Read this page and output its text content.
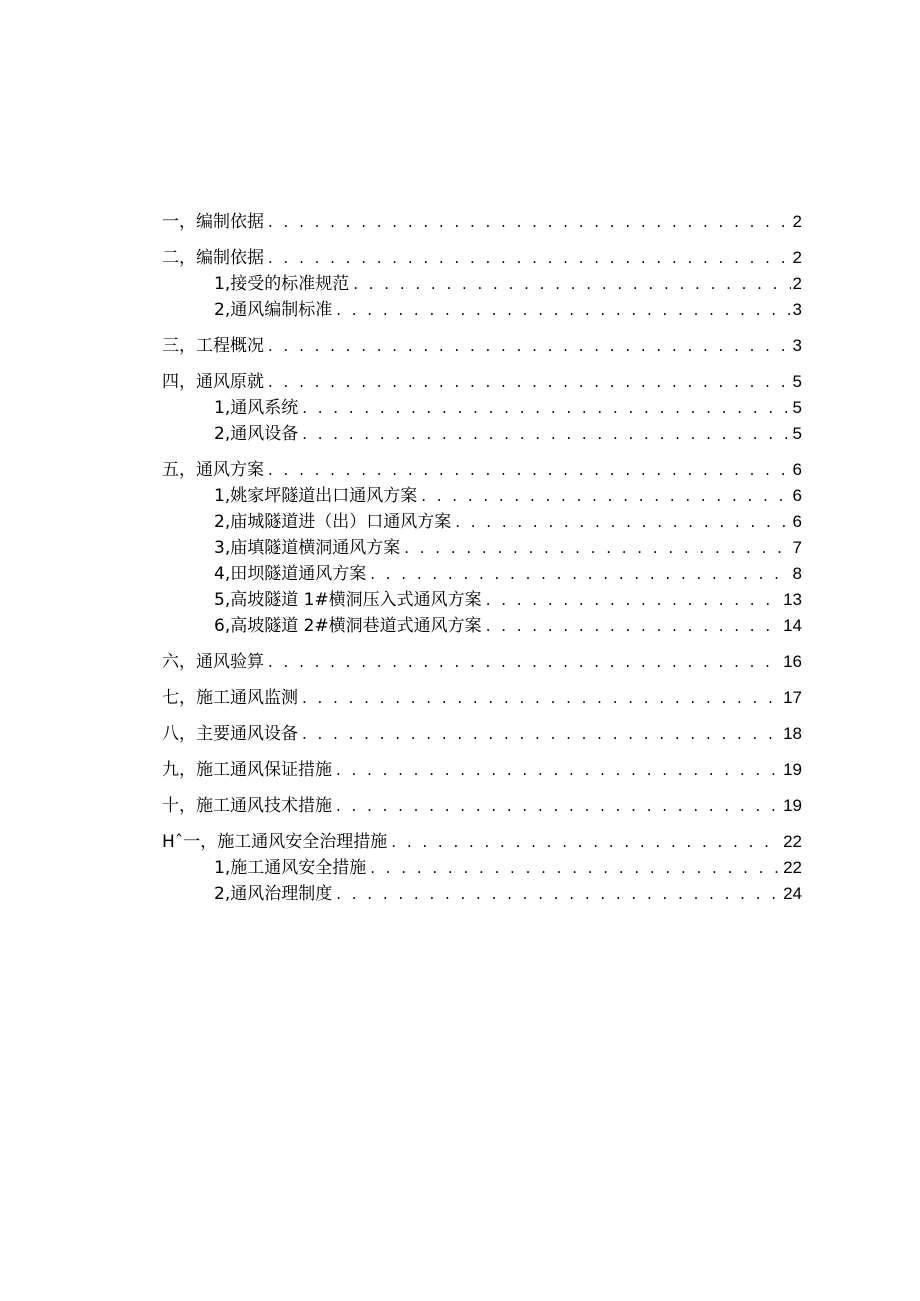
一，编制依据 . . .	2
二，编制依据 . . .	2
1,接受的标准规范 . . .	2
2,通风编制标准 . . .	3
三，工程概况 . . .	3
四，通风原就 . . .	5
1,通风系统 . . .	5
2,通风设备 . . .	5
五，通风方案 . . .	6
1,姚家坪隧道出口通风方案 . . .	6
2,庙城隧道进（出）口通风方案 . . .	6
3,庙填隧道横洞通风方案 . . .	7
4,田坝隧道通风方案 . . .	8
5,高坡隧道 1#横洞压入式通风方案 . . .	13
6,高坡隧道 2#横洞巷道式通风方案 . . .	14
六，通风验算 . . .	16
七，施工通风监测 . . .	17
八，主要通风设备 . . .	18
九，施工通风保证措施 . . .	19
十，施工通风技术措施 . . .	19
Hˆ一，施工通风安全治理措施 . . .	22
1,施工通风安全措施 . . .	22
2,通风治理制度 . . .	24
